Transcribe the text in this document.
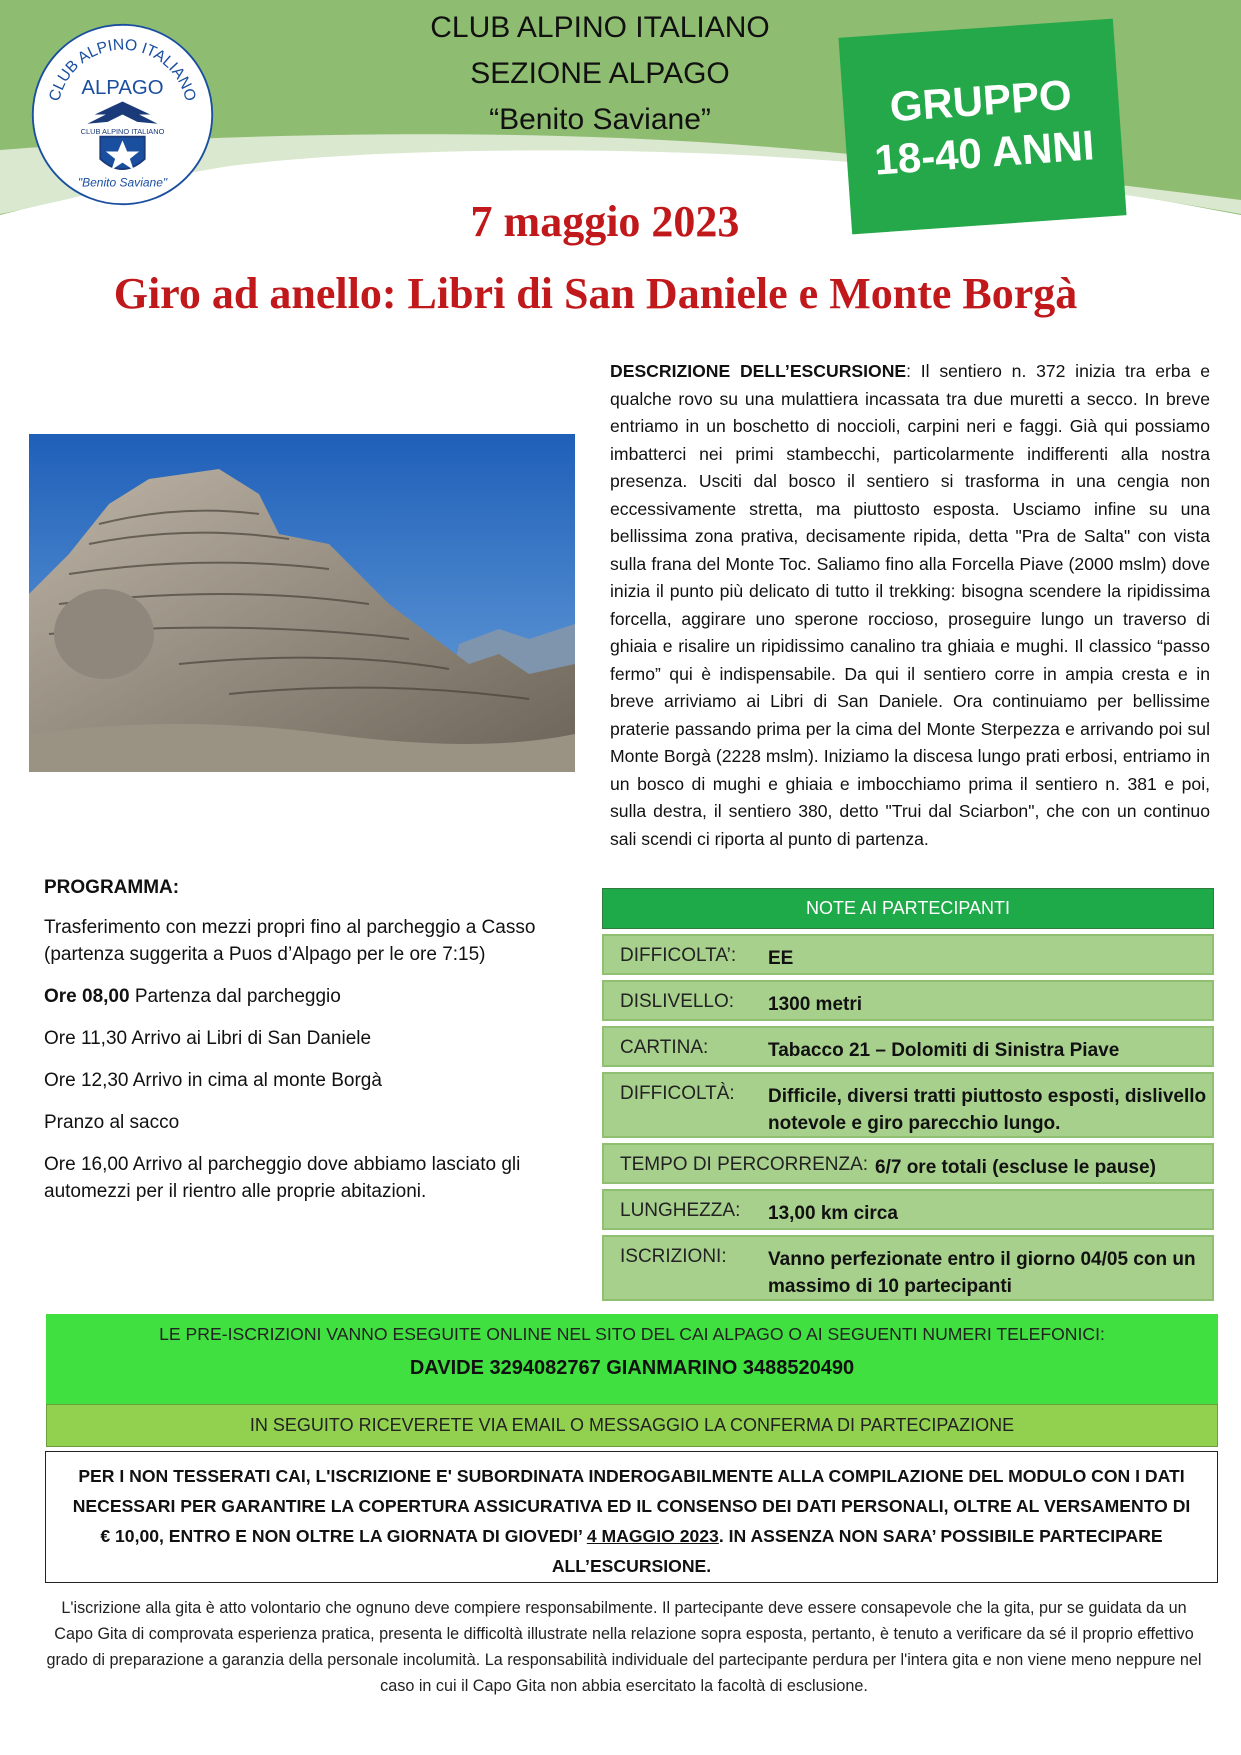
CLUB ALPINO ITALIANO
ALPAGO
CLUB ALPINO ITALIANO
"Benito Saviane"
CLUB ALPINO ITALIANO
SEZIONE ALPAGO
“Benito Saviane”	GRUPPO
18-40 ANNI
7 maggio 2023
Giro ad anello: Libri di San Daniele e Monte Borgà
DESCRIZIONE DELL’ESCURSIONE: Il sentiero n. 372 inizia tra erba e qualche rovo su una mulattiera incassata tra due muretti a secco. In breve entriamo in un boschetto di noccioli, carpini neri e faggi. Già qui possiamo imbatterci nei primi stambecchi, particolarmente indifferenti alla nostra presenza. Usciti dal bosco il sentiero si trasforma in una cengia non eccessivamente stretta, ma piuttosto esposta. Usciamo infine su una bellissima zona prativa, decisamente ripida, detta "Pra de Salta" con vista sulla frana del Monte Toc. Saliamo fino alla Forcella Piave (2000 mslm) dove inizia il punto più delicato di tutto il trekking: bisogna scendere la ripidissima forcella, aggirare uno sperone roccioso, proseguire lungo un traverso di ghiaia e risalire un ripidissimo canalino tra ghiaia e mughi. Il classico “passo fermo” qui è indispensabile. Da qui il sentiero corre in ampia cresta e in breve arriviamo ai Libri di San Daniele. Ora continuiamo per bellissime praterie passando prima per la cima del Monte Sterpezza e arrivando poi sul Monte Borgà (2228 mslm). Iniziamo la discesa lungo prati erbosi, entriamo in un bosco di mughi e ghiaia e imbocchiamo prima il sentiero n. 381 e poi, sulla destra, il sentiero 380, detto "Trui dal Sciarbon", che con un continuo sali scendi ci riporta al punto di partenza.
PROGRAMMA:

Trasferimento con mezzi propri fino al parcheggio a Casso (partenza suggerita a Puos d’Alpago per le ore 7:15)

Ore 08,00 Partenza dal parcheggio

Ore 11,30 Arrivo ai Libri di San Daniele

Ore 12,30 Arrivo in cima al monte Borgà

Pranzo al sacco

Ore 16,00 Arrivo al parcheggio dove abbiamo lasciato gli automezzi per il rientro alle proprie abitazioni.

NOTE AI PARTECIPANTI
DIFFICOLTA’: EE
DISLIVELLO: 1300 metri
CARTINA:	Tabacco 21 – Dolomiti di Sinistra Piave
DIFFICOLTÀ: Difficile, diversi tratti piuttosto esposti, dislivello notevole e giro parecchio lungo.
TEMPO DI PERCORRENZA: 6/7 ore totali (escluse le pause)
LUNGHEZZA: 13,00 km circa
ISCRIZIONI: Vanno perfezionate entro il giorno 04/05 con un massimo di 10 partecipanti
LE PRE-ISCRIZIONI VANNO ESEGUITE ONLINE NEL SITO DEL CAI ALPAGO O AI SEGUENTI NUMERI TELEFONICI:
DAVIDE 3294082767 GIANMARINO 3488520490
IN SEGUITO RICEVERETE VIA EMAIL O MESSAGGIO LA CONFERMA DI PARTECIPAZIONE
PER I NON TESSERATI CAI, L'ISCRIZIONE E' SUBORDINATA INDEROGABILMENTE ALLA COMPILAZIONE DEL MODULO CON I DATI NECESSARI PER GARANTIRE LA COPERTURA ASSICURATIVA ED IL CONSENSO DEI DATI PERSONALI, OLTRE AL VERSAMENTO DI € 10,00, ENTRO E NON OLTRE LA GIORNATA DI GIOVEDI’ 4 MAGGIO 2023. IN ASSENZA NON SARA’ POSSIBILE PARTECIPARE ALL’ESCURSIONE.
L'iscrizione alla gita è atto volontario che ognuno deve compiere responsabilmente. Il partecipante deve essere consapevole che la gita, pur se guidata da un Capo Gita di comprovata esperienza pratica, presenta le difficoltà illustrate nella relazione sopra esposta, pertanto, è tenuto a verificare da sé il proprio effettivo grado di preparazione a garanzia della personale incolumità. La responsabilità individuale del partecipante perdura per l'intera gita e non viene meno neppure nel caso in cui il Capo Gita non abbia esercitato la facoltà di esclusione.
